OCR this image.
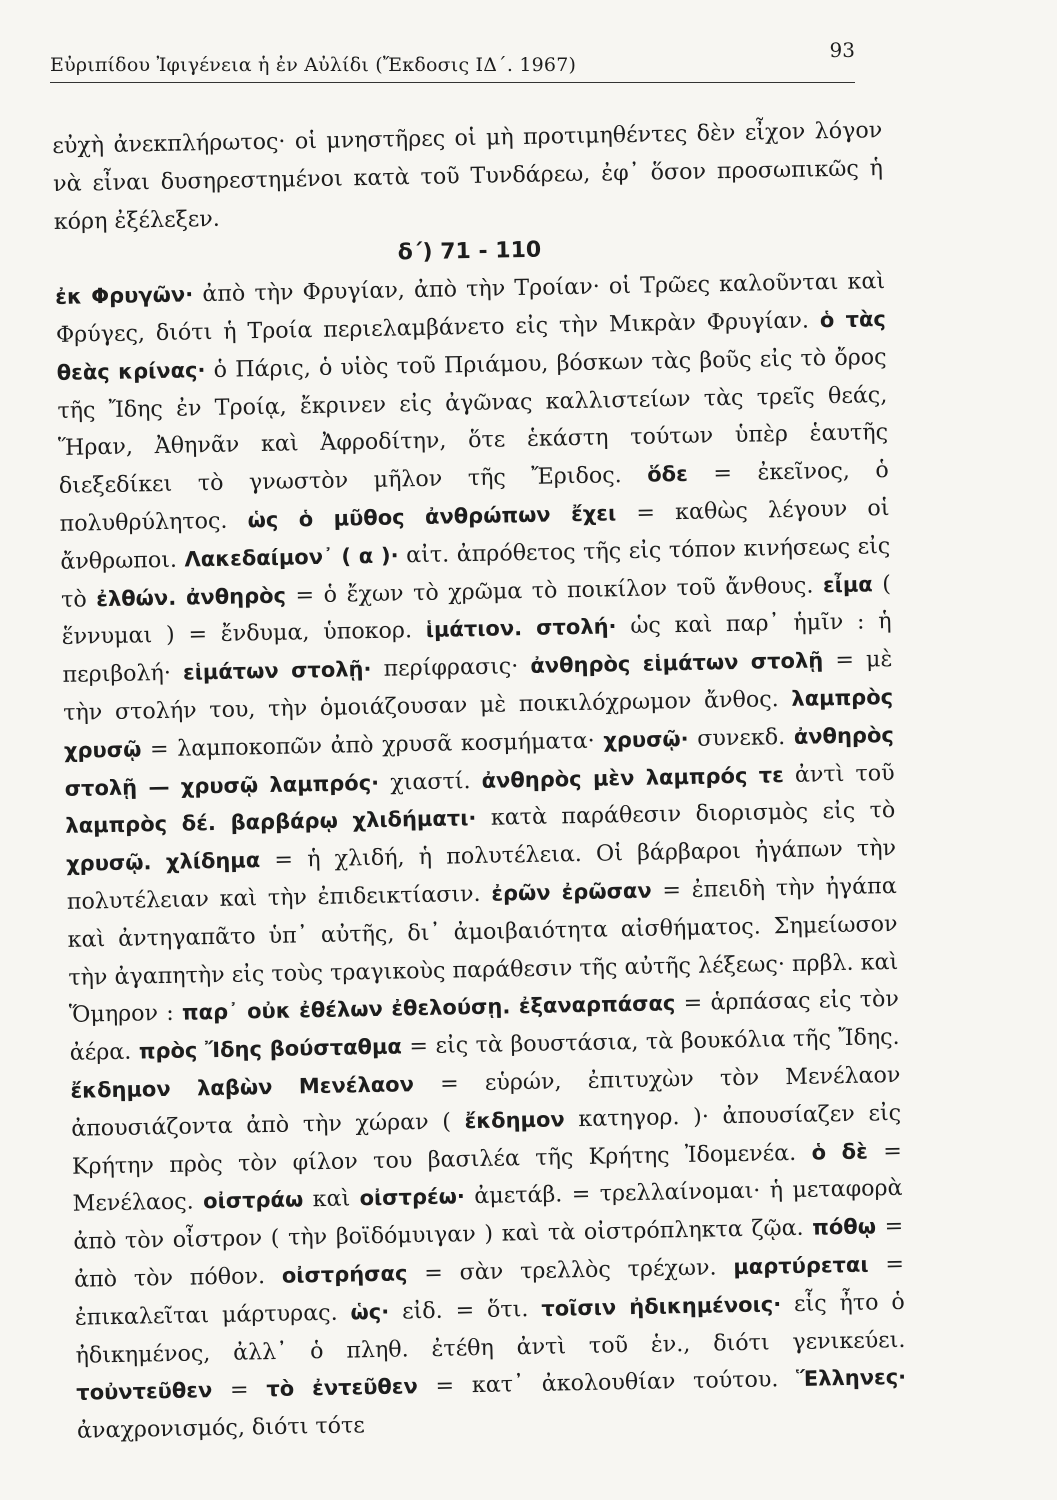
Εὐριπίδου Ἰφιγένεια ἡ ἐν Αὐλίδι (Ἔκδοσις ΙΔ΄. 1967)
93

εὐχὴ ἀνεκπλήρωτος· οἱ μνηστῆρες οἱ μὴ προτιμηθέντες δὲν εἶχον λόγον νὰ εἶναι δυσηρεστημένοι κατὰ τοῦ Τυνδάρεω, ἐφ᾽ ὅσον προσωπικῶς ἡ κόρη ἐξέλεξεν.

δ΄) 71 - 110

ἐκ Φρυγῶν· ἀπὸ τὴν Φρυγίαν, ἀπὸ τὴν Τροίαν· οἱ Τρῶες καλοῦνται καὶ Φρύγες, διότι ἡ Τροία περιελαμβάνετο εἰς τὴν Μικρὰν Φρυγίαν. ὁ τὰς θεὰς κρίνας· ὁ Πάρις, ὁ υἱὸς τοῦ Πριάμου, βόσκων τὰς βοῦς εἰς τὸ ὄρος τῆς Ἴδης ἐν Τροίᾳ, ἔκρινεν εἰς ἀγῶνας καλλιστείων τὰς τρεῖς θεάς, Ἥραν, Ἀθηνᾶν καὶ Ἀφροδίτην, ὅτε ἑκάστη τούτων ὑπὲρ ἑαυτῆς διεξεδίκει τὸ γνωστὸν μῆλον τῆς Ἔριδος. ὅδε = ἐκεῖνος, ὁ πολυθρύλητος. ὡς ὁ μῦθος ἀνθρώπων ἔχει = καθὼς λέγουν οἱ ἄνθρωποι. Λακεδαίμον᾽ ( α )· αἰτ. ἀπρόθετος τῆς εἰς τόπον κινήσεως εἰς τὸ ἐλθών. ἀνθηρὸς = ὁ ἔχων τὸ χρῶμα τὸ ποικίλον τοῦ ἄνθους. εἶμα ( ἕννυμαι ) = ἔνδυμα, ὑποκορ. ἱμάτιον. στολή· ὡς καὶ παρ᾽ ἡμῖν : ἡ περιβολή· εἱμάτων στολῇ· περίφρασις· ἀνθηρὸς εἱμάτων στολῇ = μὲ τὴν στολήν του, τὴν ὁμοιάζουσαν μὲ ποικιλόχρωμον ἄνθος. λαμπρὸς χρυσῷ = λαμποκοπῶν ἀπὸ χρυσᾶ κοσμήματα· χρυσῷ· συνεκδ. ἀνθηρὸς στολῇ — χρυσῷ λαμπρός· χιαστί. ἀνθηρὸς μὲν λαμπρός τε ἀντὶ τοῦ λαμπρὸς δέ. βαρβάρῳ χλιδήματι· κατὰ παράθεσιν διορισμὸς εἰς τὸ χρυσῷ. χλίδημα = ἡ χλιδή, ἡ πολυτέλεια. Οἱ βάρβαροι ἠγάπων τὴν πολυτέλειαν καὶ τὴν ἐπιδεικτίασιν. ἐρῶν ἐρῶσαν = ἐπειδὴ τὴν ἠγάπα καὶ ἀντηγαπᾶτο ὑπ᾽ αὐτῆς, δι᾽ ἀμοιβαιότητα αἰσθήματος. Σημείωσον τὴν ἀγαπητὴν εἰς τοὺς τραγικοὺς παράθεσιν τῆς αὐτῆς λέξεως· πρβλ. καὶ Ὅμηρον : παρ᾽ οὐκ ἐθέλων ἐθελούσῃ. ἐξαναρπάσας = ἁρπάσας εἰς τὸν ἀέρα. πρὸς Ἴδης βούσταθμα = εἰς τὰ βουστάσια, τὰ βουκόλια τῆς Ἴδης. ἔκδημον λαβὼν Μενέλαον = εὑρών, ἐπιτυχὼν τὸν Μενέλαον ἀπουσιάζοντα ἀπὸ τὴν χώραν ( ἔκδημον κατηγορ. )· ἀπουσίαζεν εἰς Κρήτην πρὸς τὸν φίλον του βασιλέα τῆς Κρήτης Ἰδομενέα. ὁ δὲ = Μενέλαος. οἰστράω καὶ οἰστρέω· ἀμετάβ. = τρελλαίνομαι· ἡ μεταφορὰ ἀπὸ τὸν οἶστρον ( τὴν βοϊδόμυιγαν ) καὶ τὰ οἰστρόπληκτα ζῷα. πόθῳ = ἀπὸ τὸν πόθον. οἰστρήσας = σὰν τρελλὸς τρέχων. μαρτύρεται = ἐπικαλεῖται μάρτυρας. ὡς· εἰδ. = ὅτι. τοῖσιν ἠδικημένοις· εἷς ἦτο ὁ ἠδικημένος, ἀλλ᾽ ὁ πληθ. ἐτέθη ἀντὶ τοῦ ἑν., διότι γενικεύει. τοὐντεῦθεν = τὸ ἐντεῦθεν = κατ᾽ ἀκολουθίαν τούτου. Ἕλληνες· ἀναχρονισμός, διότι τότε
